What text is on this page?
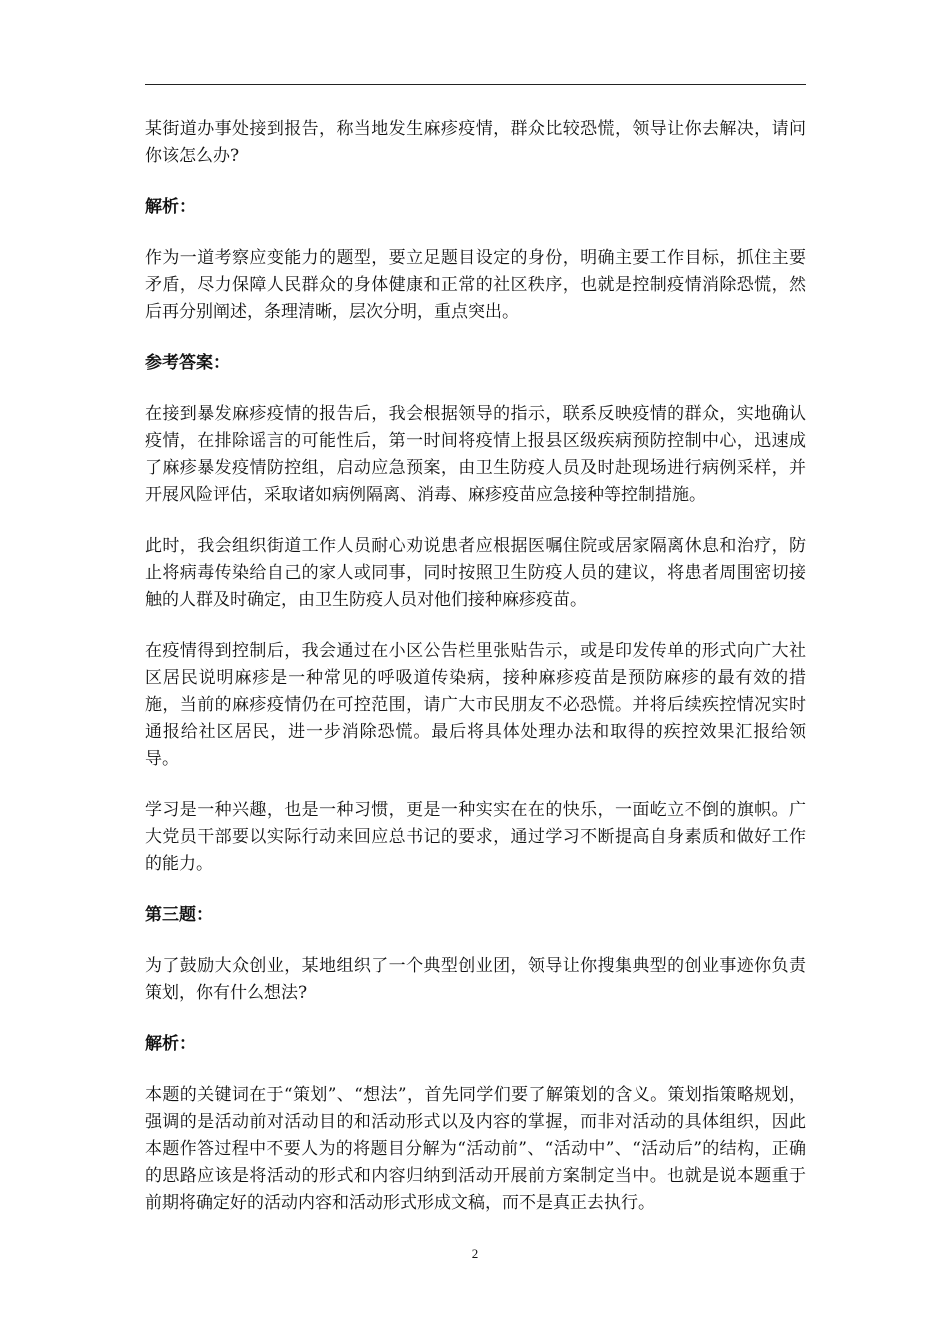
某街道办事处接到报告，称当地发生麻疹疫情，群众比较恐慌，领导让你去解决，请问你该怎么办?

解析：

作为一道考察应变能力的题型，要立足题目设定的身份，明确主要工作目标，抓住主要矛盾，尽力保障人民群众的身体健康和正常的社区秩序，也就是控制疫情消除恐慌，然后再分别阐述，条理清晰，层次分明，重点突出。

参考答案：

在接到暴发麻疹疫情的报告后，我会根据领导的指示，联系反映疫情的群众，实地确认疫情，在排除谣言的可能性后，第一时间将疫情上报县区级疾病预防控制中心，迅速成了麻疹暴发疫情防控组，启动应急预案，由卫生防疫人员及时赴现场进行病例采样，并开展风险评估，采取诸如病例隔离、消毒、麻疹疫苗应急接种等控制措施。

此时，我会组织街道工作人员耐心劝说患者应根据医嘱住院或居家隔离休息和治疗，防止将病毒传染给自己的家人或同事，同时按照卫生防疫人员的建议，将患者周围密切接触的人群及时确定，由卫生防疫人员对他们接种麻疹疫苗。

在疫情得到控制后，我会通过在小区公告栏里张贴告示，或是印发传单的形式向广大社区居民说明麻疹是一种常见的呼吸道传染病，接种麻疹疫苗是预防麻疹的最有效的措施，当前的麻疹疫情仍在可控范围，请广大市民朋友不必恐慌。并将后续疾控情况实时通报给社区居民，进一步消除恐慌。最后将具体处理办法和取得的疾控效果汇报给领导。

学习是一种兴趣，也是一种习惯，更是一种实实在在的快乐，一面屹立不倒的旗帜。广大党员干部要以实际行动来回应总书记的要求，通过学习不断提高自身素质和做好工作的能力。

第三题：

为了鼓励大众创业，某地组织了一个典型创业团，领导让你搜集典型的创业事迹你负责策划，你有什么想法?

解析：

本题的关键词在于“策划”、“想法”，首先同学们要了解策划的含义。策划指策略规划，强调的是活动前对活动目的和活动形式以及内容的掌握，而非对活动的具体组织，因此本题作答过程中不要人为的将题目分解为“活动前”、“活动中”、“活动后”的结构，正确的思路应该是将活动的形式和内容归纳到活动开展前方案制定当中。也就是说本题重于前期将确定好的活动内容和活动形式形成文稿，而不是真正去执行。

2
